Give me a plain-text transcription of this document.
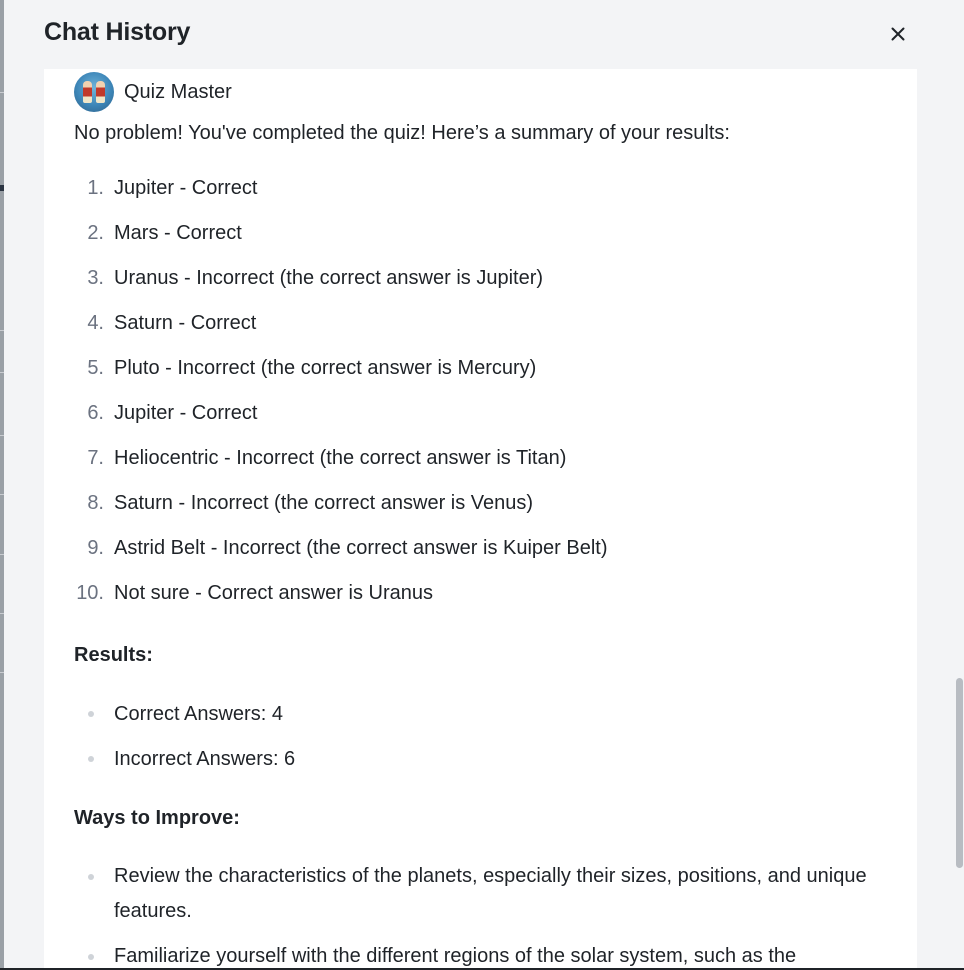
Chat History
Quiz Master
No problem! You've completed the quiz! Here’s a summary of your results:
1. Jupiter - Correct
2. Mars - Correct
3. Uranus - Incorrect (the correct answer is Jupiter)
4. Saturn - Correct
5. Pluto - Incorrect (the correct answer is Mercury)
6. Jupiter - Correct
7. Heliocentric - Incorrect (the correct answer is Titan)
8. Saturn - Incorrect (the correct answer is Venus)
9. Astrid Belt - Incorrect (the correct answer is Kuiper Belt)
10. Not sure - Correct answer is Uranus
Results:
Correct Answers: 4
Incorrect Answers: 6
Ways to Improve:
Review the characteristics of the planets, especially their sizes, positions, and unique features.
Familiarize yourself with the different regions of the solar system, such as the
